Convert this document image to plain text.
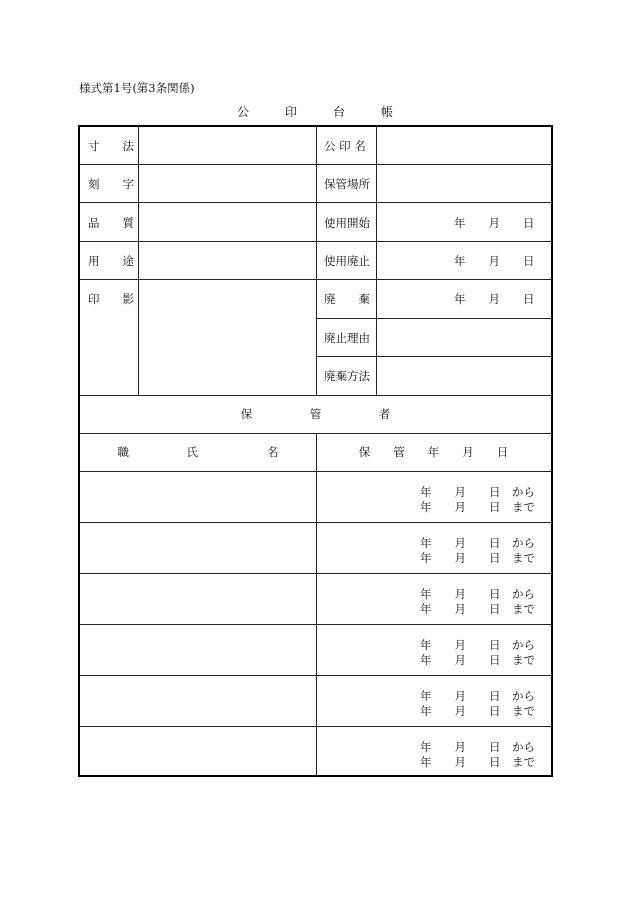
様式第1号(第3条関係)
公　　　印　　　台　　　帳
寸　　法
刻　　字
品　　質
用　　途
印　　影
公 印 名
保管場所
使用開始
使用廃止
廃　　棄
廃止理由
廃棄方法
年　　月　　日
年　　月　　日
年　　月　　日
保　　　　　管　　　　　者
職　　　　　氏　　　　　　名	保　　管　　年　　月　　日
年　　月　　日　から
年　　月　　日　まで
年　　月　　日　から
年　　月　　日　まで
年　　月　　日　から
年　　月　　日　まで
年　　月　　日　から
年　　月　　日　まで
年　　月　　日　から
年　　月　　日　まで
年　　月　　日　から
年　　月　　日　まで
